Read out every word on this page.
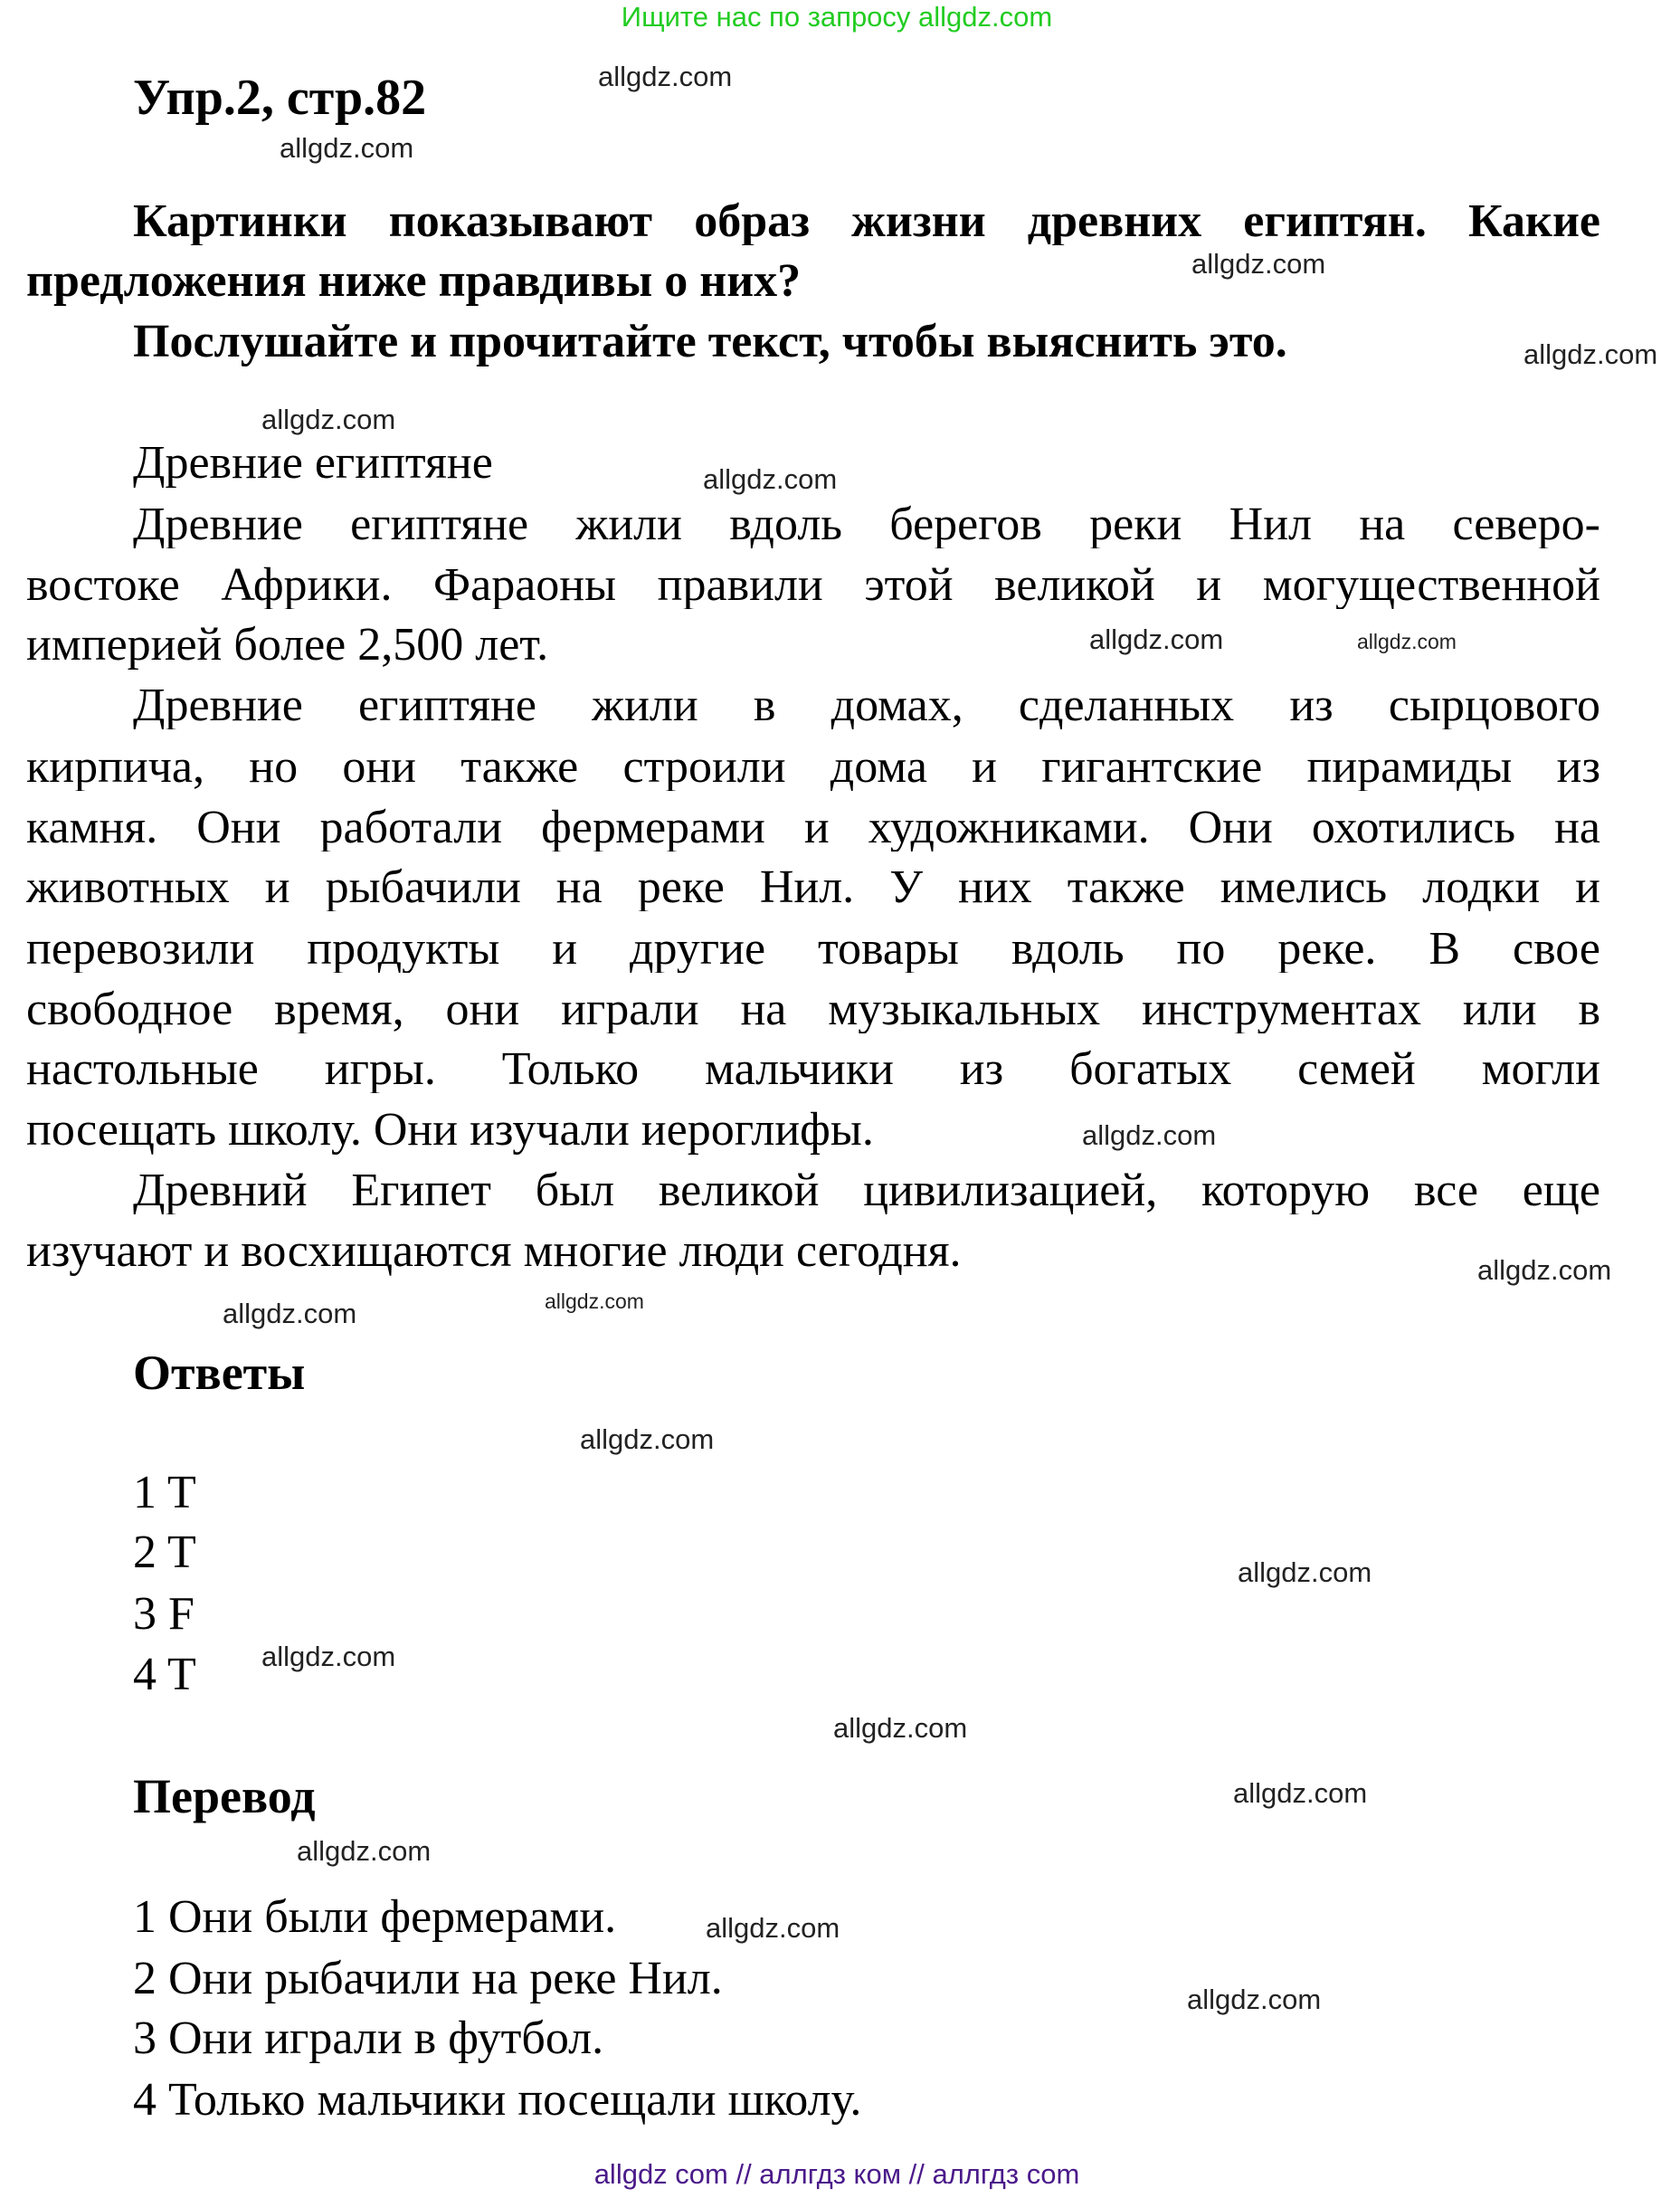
Ищите нас по запросу allgdz.com
Упр.2, стр.82
Картинки показывают образ жизни древних египтян. Какие
предложения ниже правдивы о них?
Послушайте и прочитайте текст, чтобы выяснить это.
Древние египтяне
Древние египтяне жили вдоль берегов реки Нил на северо-
востоке Африки. Фараоны правили этой великой и могущественной
империей более 2,500 лет.
Древние египтяне жили в домах, сделанных из сырцового
кирпича, но они также строили дома и гигантские пирамиды из
камня. Они работали фермерами и художниками. Они охотились на
животных и рыбачили на реке Нил. У них также имелись лодки и
перевозили продукты и другие товары вдоль по реке. В свое
свободное время, они играли на музыкальных инструментах или в
настольные игры. Только мальчики из богатых семей могли
посещать школу. Они изучали иероглифы.
Древний Египет был великой цивилизацией, которую все еще
изучают и восхищаются многие люди сегодня.
Ответы
1 T
2 T
3 F
4 T
Перевод
1 Они были фермерами.
2 Они рыбачили на реке Нил.
3 Они играли в футбол.
4 Только мальчики посещали школу.
allgdz.com
allgdz.com
allgdz.com
allgdz.com
allgdz.com
allgdz.com
allgdz.com	allgdz.com
allgdz.com
allgdz.com
allgdz.com
allgdz.com
allgdz.com
allgdz.com
allgdz.com
allgdz.com
allgdz.com
allgdz.com
allgdz.com
allgdz.com
allgdz com // аллгдз ком // аллгдз com
